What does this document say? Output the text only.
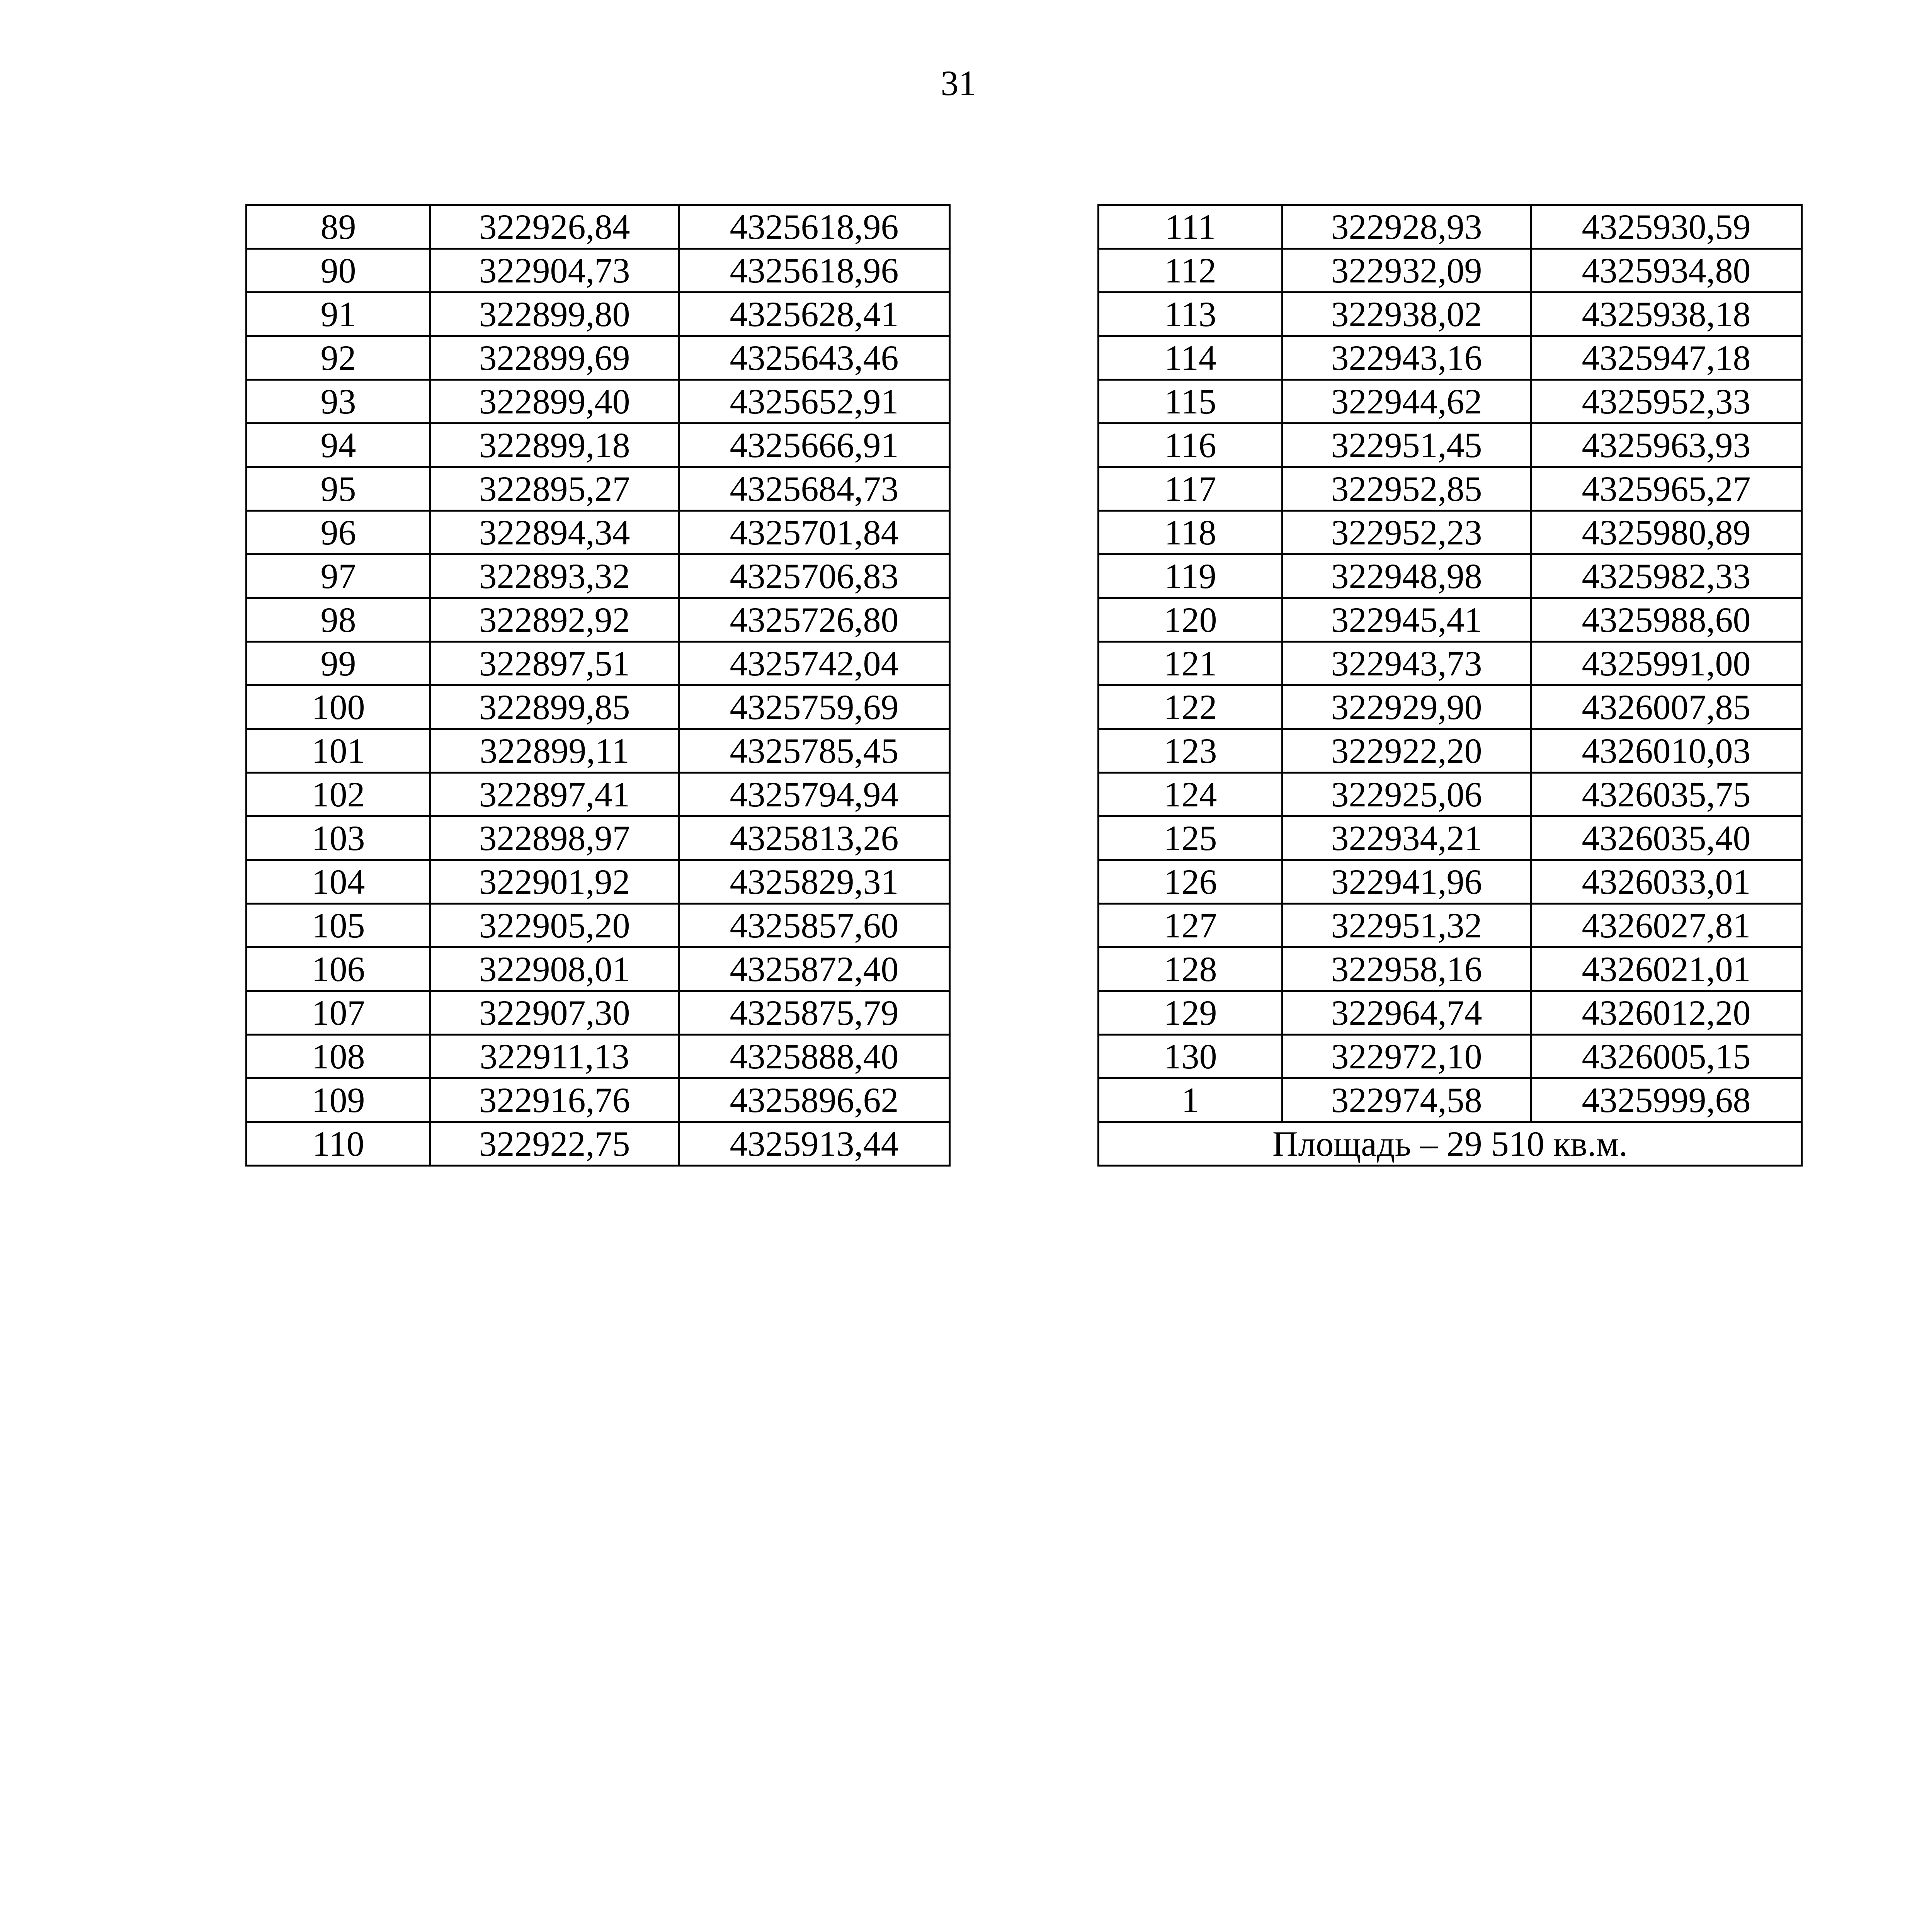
31
89	322926,84	4325618,96
90	322904,73	4325618,96
91	322899,80	4325628,41
92	322899,69	4325643,46
93	322899,40	4325652,91
94	322899,18	4325666,91
95	322895,27	4325684,73
96	322894,34	4325701,84
97	322893,32	4325706,83
98	322892,92	4325726,80
99	322897,51	4325742,04
100	322899,85	4325759,69
101	322899,11	4325785,45
102	322897,41	4325794,94
103	322898,97	4325813,26
104	322901,92	4325829,31
105	322905,20	4325857,60
106	322908,01	4325872,40
107	322907,30	4325875,79
108	322911,13	4325888,40
109	322916,76	4325896,62
110	322922,75	4325913,44
111	322928,93	4325930,59
112	322932,09	4325934,80
113	322938,02	4325938,18
114	322943,16	4325947,18
115	322944,62	4325952,33
116	322951,45	4325963,93
117	322952,85	4325965,27
118	322952,23	4325980,89
119	322948,98	4325982,33
120	322945,41	4325988,60
121	322943,73	4325991,00
122	322929,90	4326007,85
123	322922,20	4326010,03
124	322925,06	4326035,75
125	322934,21	4326035,40
126	322941,96	4326033,01
127	322951,32	4326027,81
128	322958,16	4326021,01
129	322964,74	4326012,20
130	322972,10	4326005,15
1	322974,58	4325999,68
Площадь – 29 510 кв.м.		
